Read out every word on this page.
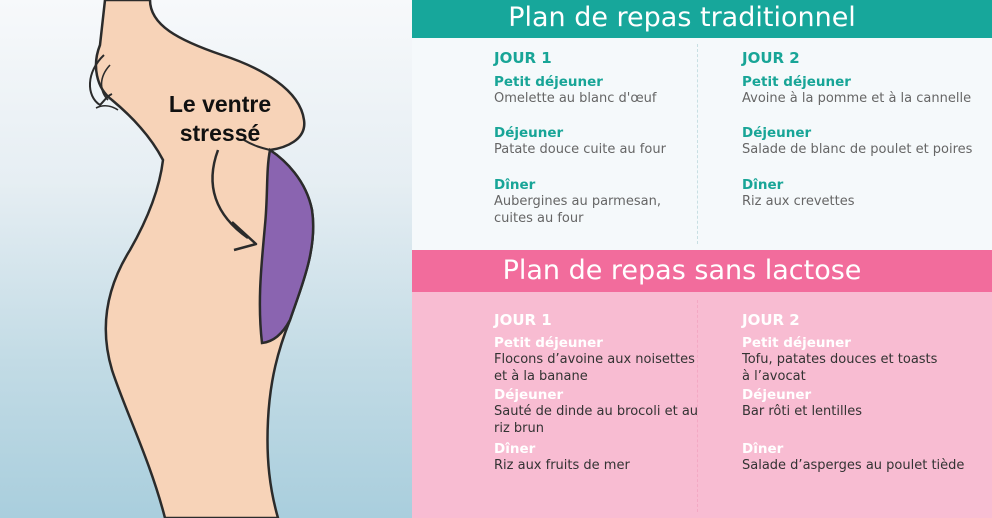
Le ventre
stressé
Plan de repas traditionnel
JOUR 1
Petit déjeuner
Omelette au blanc d'œuf
Déjeuner
Patate douce cuite au four
Dîner
Aubergines au parmesan,
cuites au four
JOUR 2
Petit déjeuner
Avoine à la pomme et à la cannelle
Déjeuner
Salade de blanc de poulet et poires
Dîner
Riz aux crevettes
Plan de repas sans lactose
JOUR 1
Petit déjeuner
Flocons d’avoine aux noisettes
et à la banane
Déjeuner
Sauté de dinde au brocoli et au
riz brun
Dîner
Riz aux fruits de mer
JOUR 2
Petit déjeuner
Tofu, patates douces et toasts
à l’avocat
Déjeuner
Bar rôti et lentilles
Dîner
Salade d’asperges au poulet tiède
